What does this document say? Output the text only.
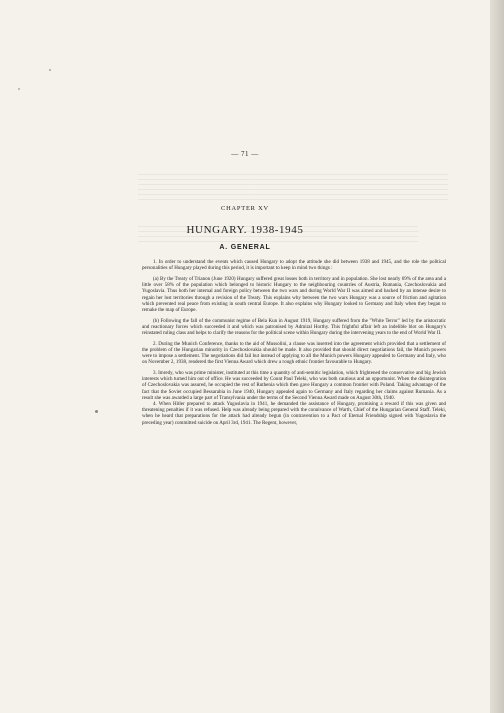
— 71 —
CHAPTER XV
HUNGARY. 1938-1945
A. GENERAL

1. In order to understand the events which caused Hungary to adopt the attitude she did between 1938 and 1945, and the role the political personalities of Hungary played during this period, it is important to keep in mind two things :

(a) By the Treaty of Trianon (June 1920) Hungary suffered great losses both in territory and in population. She lost nearly 69% of the area and a little over 58% of the population which belonged to historic Hungary to the neighbouring countries of Austria, Rumania, Czechoslovakia and Yugoslavia. Thus both her internal and foreign policy between the two wars and during World War II was aimed and backed by an intense desire to regain her lost territories through a revision of the Treaty. This explains why between the two wars Hungary was a source of friction and agitation which prevented real peace from existing in south central Europe. It also explains why Hungary looked to Germany and Italy when they began to remake the map of Europe.

(b) Following the fall of the communist regime of Bela Kun in August 1919, Hungary suffered from the "White Terror" led by the aristocratic and reactionary forces which succeeded it and which was patronised by Admiral Horthy. This frightful affair left an indelible blot on Hungary's reinstated ruling class and helps to clarify the reasons for the political scene within Hungary during the intervening years to the end of World War II.

2. During the Munich Conference, thanks to the aid of Mussolini, a clause was inserted into the agreement which provided that a settlement of the problem of the Hungarian minority in Czechoslovakia should be made. It also provided that should direct negotiations fail, the Munich powers were to impose a settlement. The negotiations did fail but instead of applying to all the Munich powers Hungary appealed to Germany and Italy, who on November 2, 1938, rendered the first Vienna Award which drew a rough ethnic frontier favourable to Hungary.

3. Imredy, who was prime minister, instituted at this time a quantity of anti-semitic legislation, which frightened the conservative and big Jewish interests which turned him out of office. He was succeeded by Count Paul Teleki, who was both cautious and an opportunist. When the disintegration of Czechoslovakia was assured, he occupied the rest of Ruthenia which then gave Hungary a common frontier with Poland. Taking advantage of the fact that the Soviet occupied Bessarabia in June 1940, Hungary appealed again to Germany and Italy regarding her claims against Rumania. As a result she was awarded a large part of Transylvania under the terms of the Second Vienna Award made on August 30th, 1940.

4. When Hitler prepared to attack Yugoslavia in 1941, he demanded the assistance of Hungary, promising a reward if this was given and threatening penalties if it was refused. Help was already being prepared with the connivance of Warth, Chief of the Hungarian General Staff. Teleki, when he heard that preparations for the attack had already begun (in contravention to a Pact of Eternal Friendship signed with Yugoslavia the preceding year) committed suicide on April 3rd, 1941. The Regent, however,
